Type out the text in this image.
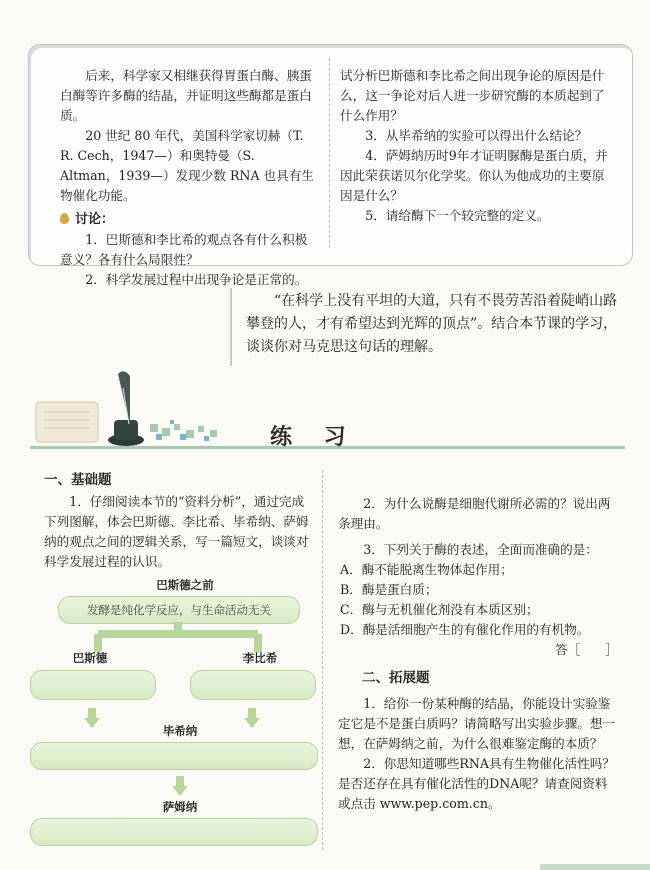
后来，科学家又相继获得胃蛋白酶、胰蛋白酶等许多酶的结晶，并证明这些酶都是蛋白质。

20 世纪 80 年代，美国科学家切赫（T. R. Cech，1947—）和奥特曼（S. Altman，1939—）发现少数 RNA 也具有生物催化功能。

讨论：

1．巴斯德和李比希的观点各有什么积极意义？各有什么局限性？

2．科学发展过程中出现争论是正常的。

试分析巴斯德和李比希之间出现争论的原因是什么，这一争论对后人进一步研究酶的本质起到了什么作用？

3．从毕希纳的实验可以得出什么结论？

4．萨姆纳历时9年才证明脲酶是蛋白质，并因此荣获诺贝尔化学奖。你认为他成功的主要原因是什么？

5．请给酶下一个较完整的定义。

“在科学上没有平坦的大道，只有不畏劳苦沿着陡峭山路攀登的人，才有希望达到光辉的顶点”。结合本节课的学习，谈谈你对马克思这句话的理解。

练 习
一、基础题

1．仔细阅读本节的“资料分析”，通过完成下列图解，体会巴斯德、李比希、毕希纳、萨姆纳的观点之间的逻辑关系，写一篇短文，谈谈对科学发展过程的认识。

巴斯德之前
发酵是纯化学反应，与生命活动无关
巴斯德	李比希
毕希纳
萨姆纳

2．为什么说酶是细胞代谢所必需的？说出两条理由。

3．下列关于酶的表述，全面而准确的是：

A．酶不能脱离生物体起作用；

B．酶是蛋白质；

C．酶与无机催化剂没有本质区别；

D．酶是活细胞产生的有催化作用的有机物。

答［　　］

二、拓展题

1．给你一份某种酶的结晶，你能设计实验鉴定它是不是蛋白质吗？请简略写出实验步骤。想一想，在萨姆纳之前，为什么很难鉴定酶的本质？

2．你思知道哪些RNA具有生物催化活性吗？是否还存在具有催化活性的DNA呢？请查阅资料或点击 www.pep.com.cn。
